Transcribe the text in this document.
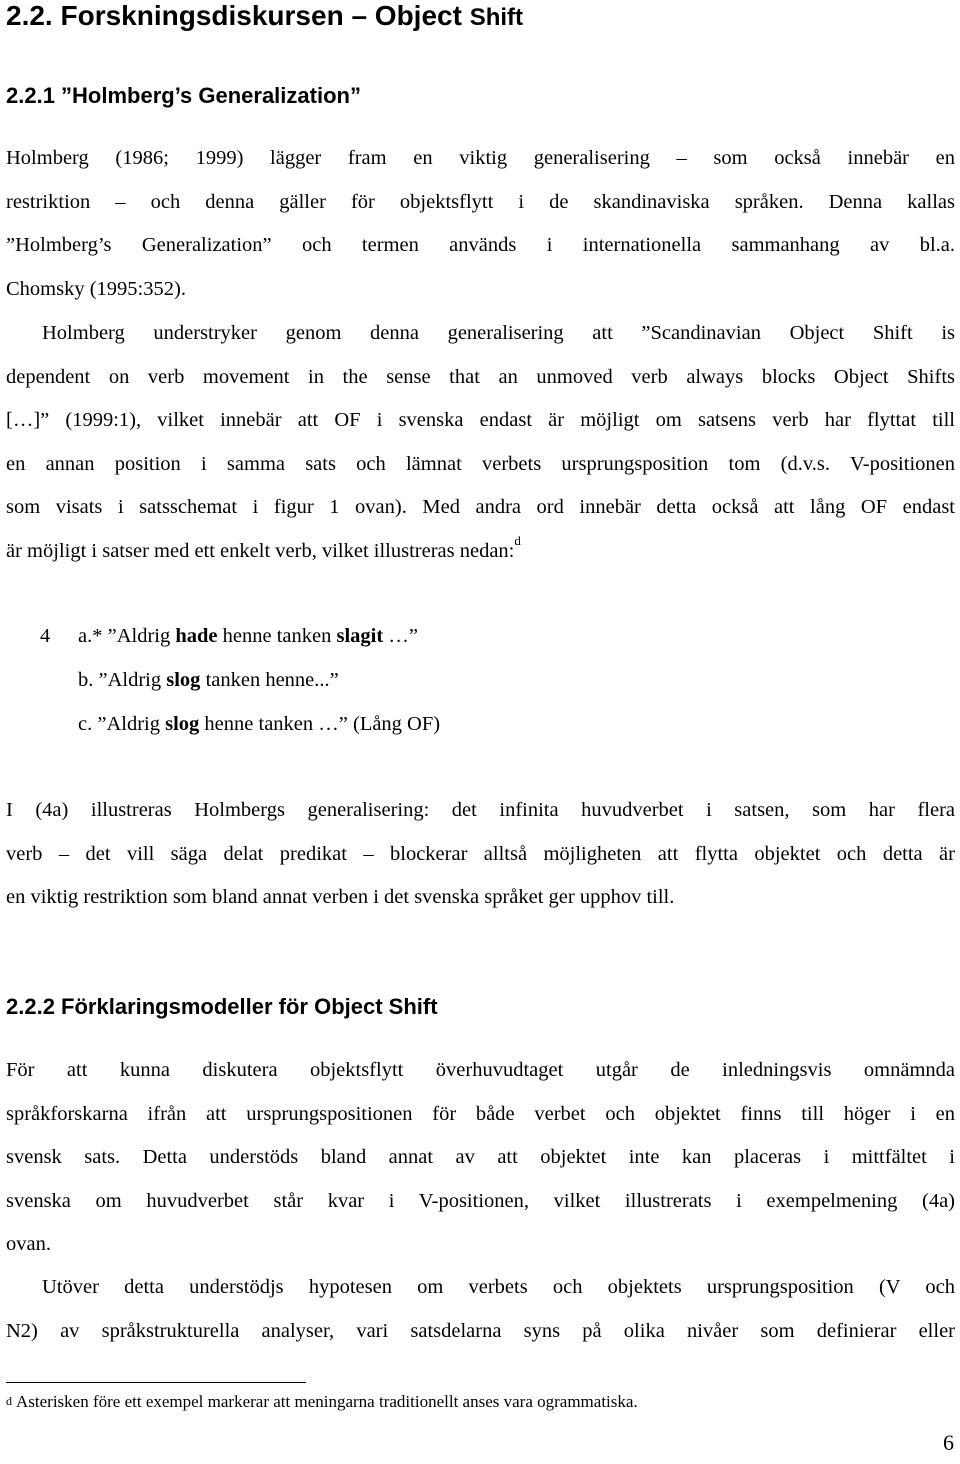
2.2. Forskningsdiskursen – Object Shift
2.2.1 ”Holmberg’s Generalization”
Holmberg (1986; 1999) lägger fram en viktig generalisering – som också innebär en
restriktion – och denna gäller för objektsflytt i de skandinaviska språken. Denna kallas
”Holmberg’s Generalization” och termen används i internationella sammanhang av bl.a.
Chomsky (1995:352).
Holmberg understryker genom denna generalisering att ”Scandinavian Object Shift is
dependent on verb movement in the sense that an unmoved verb always blocks Object Shifts
[…]” (1999:1), vilket innebär att OF i svenska endast är möjligt om satsens verb har flyttat till
en annan position i samma sats och lämnat verbets ursprungsposition tom (d.v.s. V-positionen
som visats i satsschemat i figur 1 ovan). Med andra ord innebär detta också att lång OF endast
är möjligt i satser med ett enkelt verb, vilket illustreras nedan:$^d$
4	a.* ”Aldrig hade henne tanken slagit …”
b. ”Aldrig slog tanken henne...”
c. ”Aldrig slog henne tanken …” (Lång OF)
I (4a) illustreras Holmbergs generalisering: det infinita huvudverbet i satsen, som har flera
verb – det vill säga delat predikat – blockerar alltså möjligheten att flytta objektet och detta är
en viktig restriktion som bland annat verben i det svenska språket ger upphov till.
2.2.2 Förklaringsmodeller för Object Shift
För att kunna diskutera objektsflytt överhuvudtaget utgår de inledningsvis omnämnda
språkforskarna ifrån att ursprungspositionen för både verbet och objektet finns till höger i en
svensk sats. Detta understöds bland annat av att objektet inte kan placeras i mittfältet i
svenska om huvudverbet står kvar i V-positionen, vilket illustrerats i exempelmening (4a)
ovan.
Utöver detta understödjs hypotesen om verbets och objektets ursprungsposition (V och
N2) av språkstrukturella analyser, vari satsdelarna syns på olika nivåer som definierar eller
d Asterisken före ett exempel markerar att meningarna traditionellt anses vara ogrammatiska.
6
